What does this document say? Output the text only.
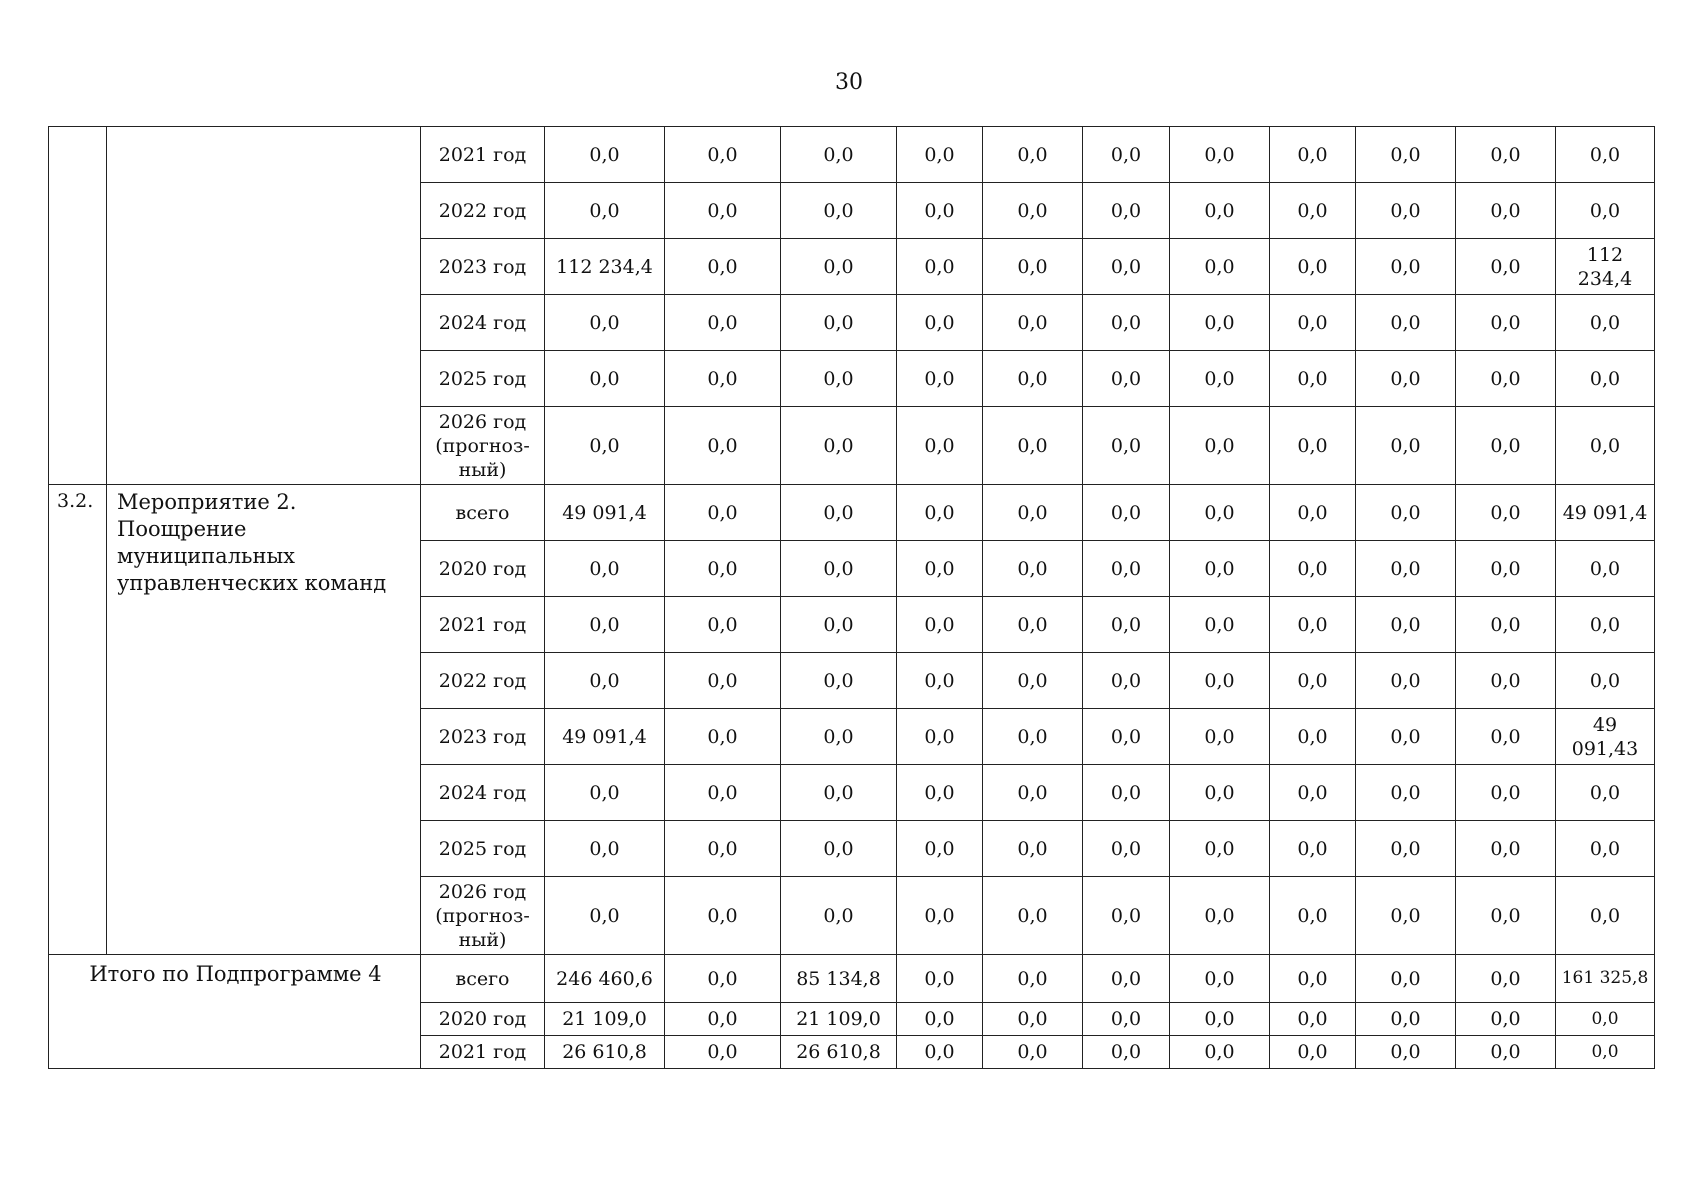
30
		2021 год	0,0	0,0	0,0	0,0	0,0	0,0	0,0	0,0	0,0	0,0	0,0
		2022 год	0,0	0,0	0,0	0,0	0,0	0,0	0,0	0,0	0,0	0,0	0,0
		2023 год	112 234,4	0,0	0,0	0,0	0,0	0,0	0,0	0,0	0,0	0,0	112 234,4
		2024 год	0,0	0,0	0,0	0,0	0,0	0,0	0,0	0,0	0,0	0,0	0,0
		2025 год	0,0	0,0	0,0	0,0	0,0	0,0	0,0	0,0	0,0	0,0	0,0
		2026 год (прогноз-ный)	0,0	0,0	0,0	0,0	0,0	0,0	0,0	0,0	0,0	0,0	0,0
3.2.	Мероприятие 2. Поощрение муниципальных управленческих команд	всего	49 091,4	0,0	0,0	0,0	0,0	0,0	0,0	0,0	0,0	0,0	49 091,4
		2020 год	0,0	0,0	0,0	0,0	0,0	0,0	0,0	0,0	0,0	0,0	0,0
		2021 год	0,0	0,0	0,0	0,0	0,0	0,0	0,0	0,0	0,0	0,0	0,0
		2022 год	0,0	0,0	0,0	0,0	0,0	0,0	0,0	0,0	0,0	0,0	0,0
		2023 год	49 091,4	0,0	0,0	0,0	0,0	0,0	0,0	0,0	0,0	0,0	49 091,43
		2024 год	0,0	0,0	0,0	0,0	0,0	0,0	0,0	0,0	0,0	0,0	0,0
		2025 год	0,0	0,0	0,0	0,0	0,0	0,0	0,0	0,0	0,0	0,0	0,0
		2026 год (прогноз-ный)	0,0	0,0	0,0	0,0	0,0	0,0	0,0	0,0	0,0	0,0	0,0
Итого по Подпрограмме 4		всего	246 460,6	0,0	85 134,8	0,0	0,0	0,0	0,0	0,0	0,0	0,0	161 325,8
		2020 год	21 109,0	0,0	21 109,0	0,0	0,0	0,0	0,0	0,0	0,0	0,0	0,0
		2021 год	26 610,8	0,0	26 610,8	0,0	0,0	0,0	0,0	0,0	0,0	0,0	0,0
